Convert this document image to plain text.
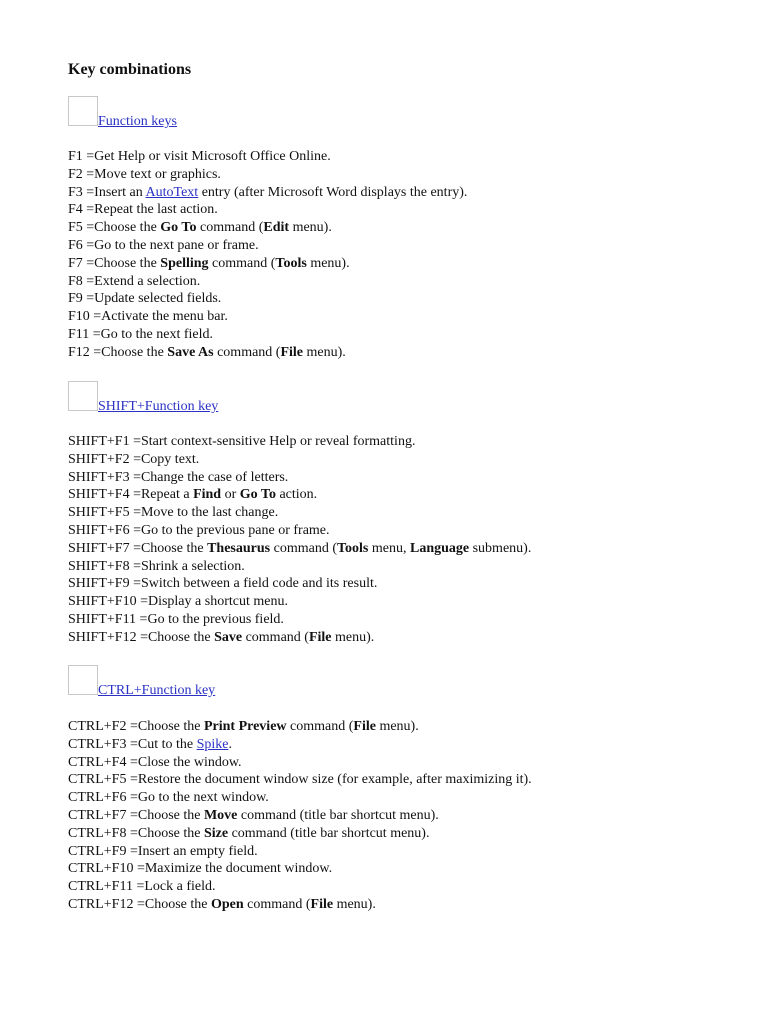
Key combinations
Function keys
F1 =Get Help or visit Microsoft Office Online.
F2 =Move text or graphics.
F3 =Insert an AutoText entry (after Microsoft Word displays the entry).
F4 =Repeat the last action.
F5 =Choose the Go To command (Edit menu).
F6 =Go to the next pane or frame.
F7 =Choose the Spelling command (Tools menu).
F8 =Extend a selection.
F9 =Update selected fields.
F10 =Activate the menu bar.
F11 =Go to the next field.
F12 =Choose the Save As command (File menu).
SHIFT+Function key
SHIFT+F1 =Start context-sensitive Help or reveal formatting.
SHIFT+F2 =Copy text.
SHIFT+F3 =Change the case of letters.
SHIFT+F4 =Repeat a Find or Go To action.
SHIFT+F5 =Move to the last change.
SHIFT+F6 =Go to the previous pane or frame.
SHIFT+F7 =Choose the Thesaurus command (Tools menu, Language submenu).
SHIFT+F8 =Shrink a selection.
SHIFT+F9 =Switch between a field code and its result.
SHIFT+F10 =Display a shortcut menu.
SHIFT+F11 =Go to the previous field.
SHIFT+F12 =Choose the Save command (File menu).
CTRL+Function key
CTRL+F2 =Choose the Print Preview command (File menu).
CTRL+F3 =Cut to the Spike.
CTRL+F4 =Close the window.
CTRL+F5 =Restore the document window size (for example, after maximizing it).
CTRL+F6 =Go to the next window.
CTRL+F7 =Choose the Move command (title bar shortcut menu).
CTRL+F8 =Choose the Size command (title bar shortcut menu).
CTRL+F9 =Insert an empty field.
CTRL+F10 =Maximize the document window.
CTRL+F11 =Lock a field.
CTRL+F12 =Choose the Open command (File menu).
